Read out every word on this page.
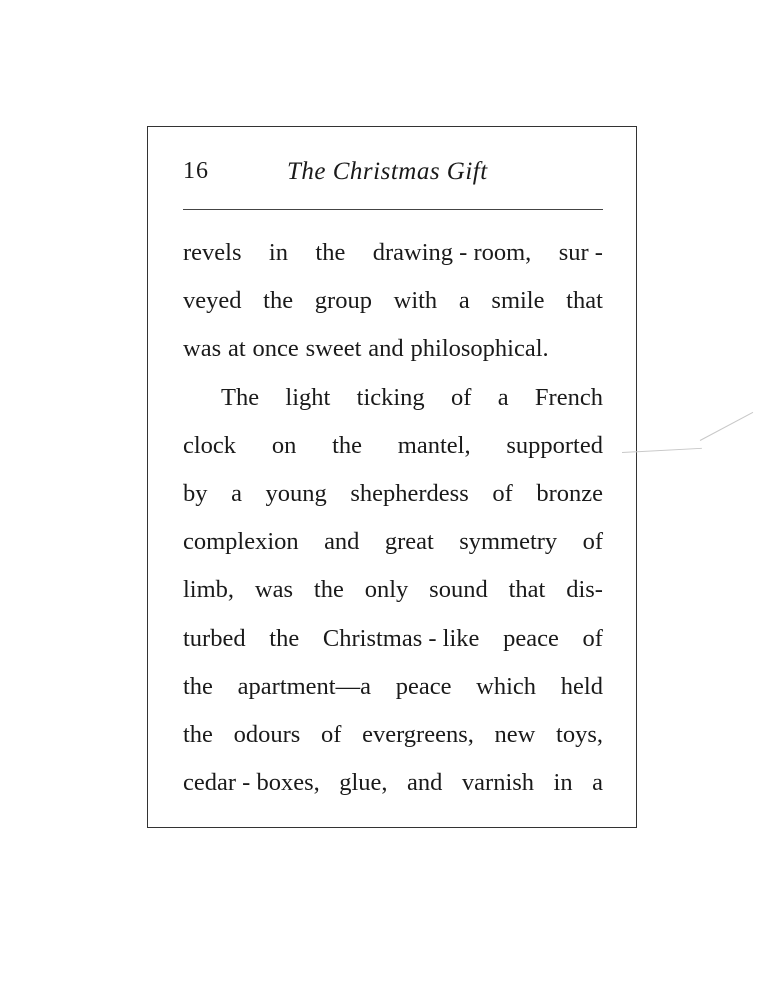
16	The Christmas Gift
revels in the drawing - room, sur -
veyed the group with a smile that
was at once sweet and philosophical.
The light ticking of a French
clock on the mantel, supported
by a young shepherdess of bronze
complexion and great symmetry of
limb, was the only sound that dis-
turbed the Christmas - like peace of
the apartment—a peace which held
the odours of evergreens, new toys,
cedar - boxes, glue, and varnish in a
